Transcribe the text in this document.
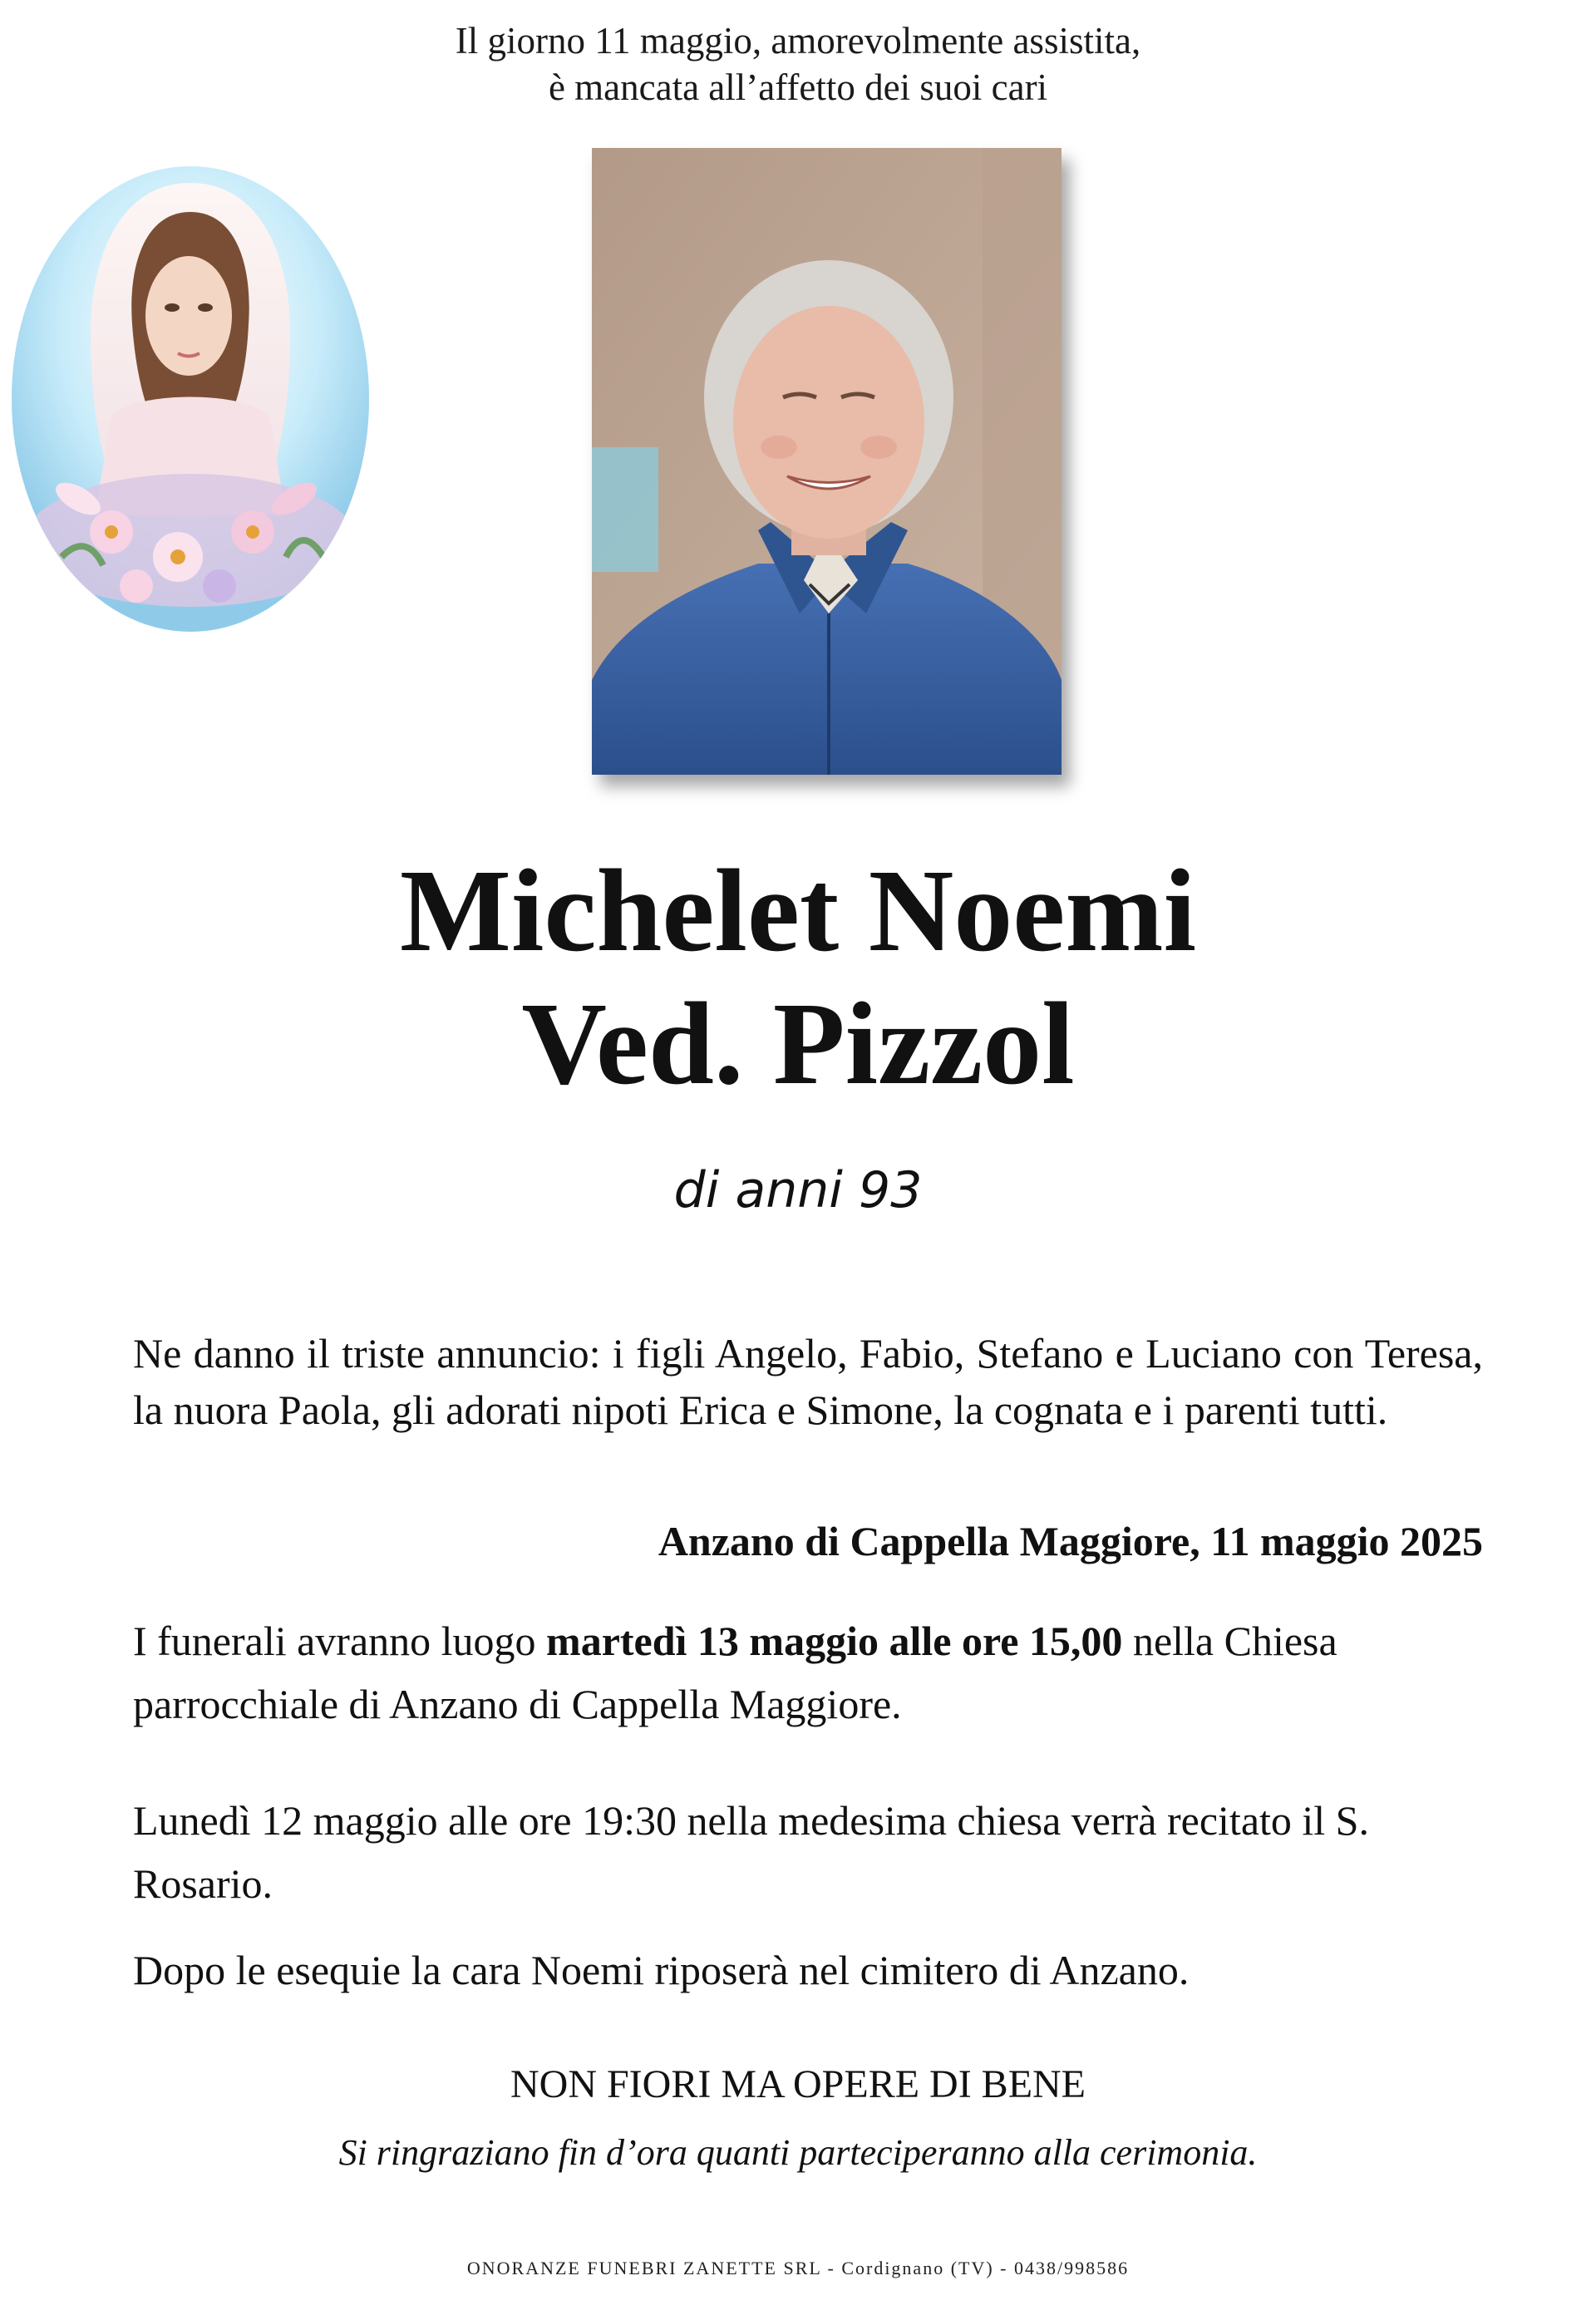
Il giorno 11 maggio, amorevolmente assistita,
è mancata all’affetto dei suoi cari
Michelet Noemi
Ved. Pizzol
di anni 93
Ne danno il triste annuncio: i figli Angelo, Fabio, Stefano e Luciano con Teresa, la nuora Paola, gli adorati nipoti Erica e Simone, la cognata e i parenti tutti.
Anzano di Cappella Maggiore, 11 maggio 2025
I funerali avranno luogo martedì 13 maggio alle ore 15,00 nella Chiesa parrocchiale di Anzano di Cappella Maggiore.
Lunedì 12 maggio alle ore 19:30 nella medesima chiesa verrà recitato il S. Rosario.
Dopo le esequie la cara Noemi riposerà nel cimitero di Anzano.
NON FIORI MA OPERE DI BENE
Si ringraziano fin d’ora quanti parteciperanno alla cerimonia.
ONORANZE FUNEBRI ZANETTE SRL - Cordignano (TV) - 0438/998586
